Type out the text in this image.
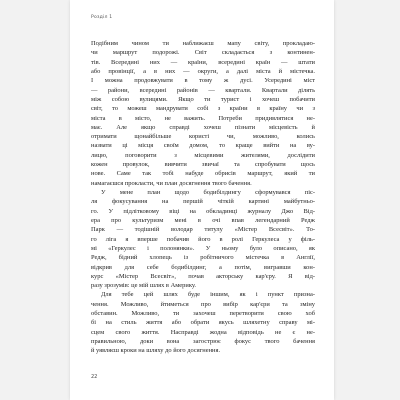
Розділ 1
Подібним чином ти наближаєш мапу світу, прокладаю-
чи маршрут подорожі. Світ складається з континен-
тів. Всередині них — країни, всередині країн — штати
або провінції, а в них — округи, а далі міста й містечка.
І можна продовжувати в тому ж дусі. Усередині міст
— райони, всередині районів — квартали. Квартали ділять
між собою вулицями. Якщо ти турист і хочеш побачити
світ, то можеш мандрувати собі з країни в країну чи з
міста в місто, не важить. Потреби придивлятися не-
має. Але якщо справді хочеш пізнати місцевість й
отримати щонайбільше користі чи, можливо, колись
назвати ці місця своїм домом, то краще вийти на ву-
лицю, поговорити з місцевими жителями, дослідити
кожен провулок, вивчити звичаї та спробувати щось
нове. Саме так тобі набуде обрисів маршрут, який ти
намагаєшся прокласти, чи план досягнення твого бачення.
У мене план щодо бодибілдингу сформувався піс-
ля фокусування на першій чіткій картині майбутньо-
го. У підлітковому віці на обкладинці журналу Джо Від-
ера про культуризм мені в очі впав легендарний Редж
Парк — тодішній володар титулу «Містер Всесвіт». То-
го ліга я вперше побачив його в ролі Геркулеса у філь-
мі «Геркулес і полонянки». У ньому було описано, як
Редж, бідний хлопець із робітничого містечка в Англії,
відкрив для себе бодибілдинг, а потім, вигравши кон-
курс «Містер Всесвіт», почав акторську кар'єру. Я від-
разу зрозумів: це мій шлях в Америку.
Для тебе цей шлях буде іншим, як і пункт призна-
чення. Можливо, йтиметься про вибір кар'єри та зміну
обставин. Можливо, ти захочеш перетворити свою хоб
бі на стиль життя або обрати якусь шляхетну справу мі-
сцем свого життя. Насправді жодна відповідь не є не-
правильною, доки вона загострює фокус твого бачення
й уявляєш кроки на шляху до його досягнення.
22
